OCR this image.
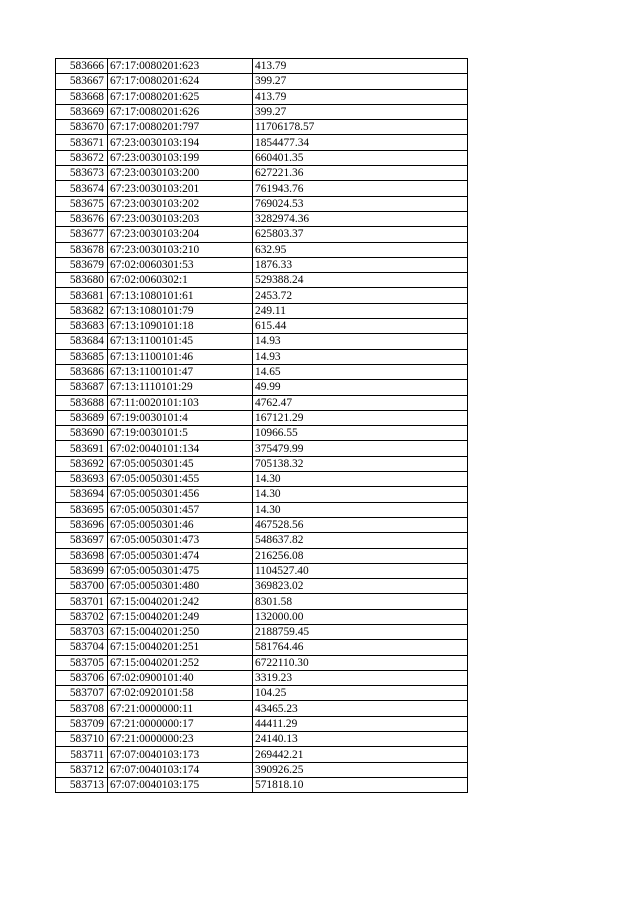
583666	67:17:0080201:623	413.79
583667	67:17:0080201:624	399.27
583668	67:17:0080201:625	413.79
583669	67:17:0080201:626	399.27
583670	67:17:0080201:797	11706178.57
583671	67:23:0030103:194	1854477.34
583672	67:23:0030103:199	660401.35
583673	67:23:0030103:200	627221.36
583674	67:23:0030103:201	761943.76
583675	67:23:0030103:202	769024.53
583676	67:23:0030103:203	3282974.36
583677	67:23:0030103:204	625803.37
583678	67:23:0030103:210	632.95
583679	67:02:0060301:53	1876.33
583680	67:02:0060302:1	529388.24
583681	67:13:1080101:61	2453.72
583682	67:13:1080101:79	249.11
583683	67:13:1090101:18	615.44
583684	67:13:1100101:45	14.93
583685	67:13:1100101:46	14.93
583686	67:13:1100101:47	14.65
583687	67:13:1110101:29	49.99
583688	67:11:0020101:103	4762.47
583689	67:19:0030101:4	167121.29
583690	67:19:0030101:5	10966.55
583691	67:02:0040101:134	375479.99
583692	67:05:0050301:45	705138.32
583693	67:05:0050301:455	14.30
583694	67:05:0050301:456	14.30
583695	67:05:0050301:457	14.30
583696	67:05:0050301:46	467528.56
583697	67:05:0050301:473	548637.82
583698	67:05:0050301:474	216256.08
583699	67:05:0050301:475	1104527.40
583700	67:05:0050301:480	369823.02
583701	67:15:0040201:242	8301.58
583702	67:15:0040201:249	132000.00
583703	67:15:0040201:250	2188759.45
583704	67:15:0040201:251	581764.46
583705	67:15:0040201:252	6722110.30
583706	67:02:0900101:40	3319.23
583707	67:02:0920101:58	104.25
583708	67:21:0000000:11	43465.23
583709	67:21:0000000:17	44411.29
583710	67:21:0000000:23	24140.13
583711	67:07:0040103:173	269442.21
583712	67:07:0040103:174	390926.25
583713	67:07:0040103:175	571818.10
